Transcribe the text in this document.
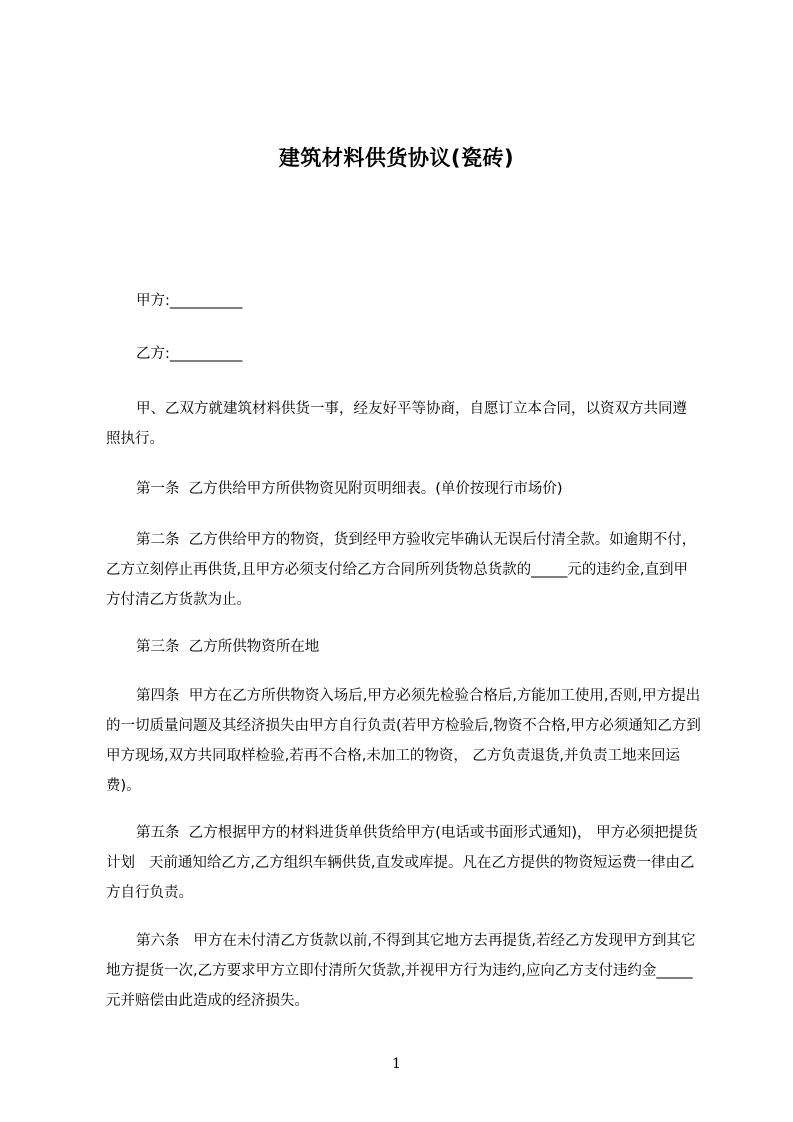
建筑材料供货协议(瓷砖)
甲方:__________
乙方:__________
甲、乙双方就建筑材料供货一事，经友好平等协商，自愿订立本合同，以资双方共同遵照执行。
第一条  乙方供给甲方所供物资见附页明细表。(单价按现行市场价)
第二条  乙方供给甲方的物资，货到经甲方验收完毕确认无误后付清全款。如逾期不付，  乙方立刻停止再供货,且甲方必须支付给乙方合同所列货物总货款的_____元的违约金,直到甲方付清乙方货款为止。
第三条  乙方所供物资所在地
第四条  甲方在乙方所供物资入场后,甲方必须先检验合格后,方能加工使用,否则,甲方提出的一切质量问题及其经济损失由甲方自行负责(若甲方检验后,物资不合格,甲方必须通知乙方到甲方现场,双方共同取样检验,若再不合格,未加工的物资， 乙方负责退货,并负责工地来回运费)。
第五条  乙方根据甲方的材料进货单供货给甲方(电话或书面形式通知)， 甲方必须把提货计划   天前通知给乙方,乙方组织车辆供货,直发或库提。凡在乙方提供的物资短运费一律由乙方自行负责。
第六条   甲方在未付清乙方货款以前,不得到其它地方去再提货,若经乙方发现甲方到其它地方提货一次,乙方要求甲方立即付清所欠货款,并视甲方行为违约,应向乙方支付违约金_____元并赔偿由此造成的经济损失。
1
